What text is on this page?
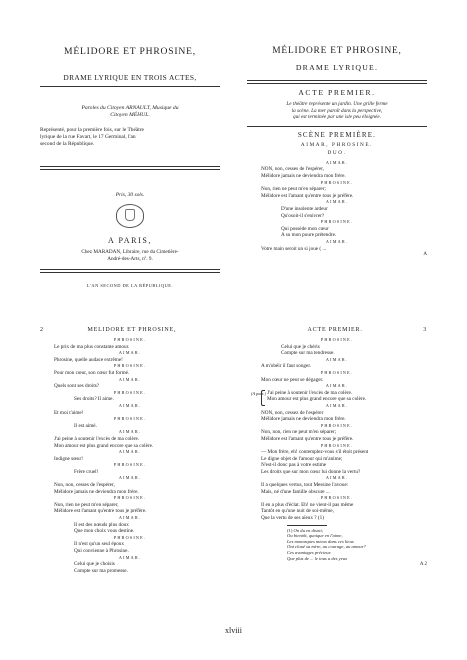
MÉLIDORE ET PHROSINE,
DRAME LYRIQUE EN TROIS ACTES,
Paroles du Citoyen ARNAULT, Musique du
Citoyen MÉHUL.
Représenté, pour la première fois, sur le Théâtre
lyrique de la rue Favart, le 17 Germinal, l'an
second de la République.
Prix, 30 sols.
A PARIS,
Chez MARADAN, Libraire, rue du Cimetière-
André-des-Arts, nº. 9.
L'AN SECOND DE LA RÉPUBLIQUE.
MÉLIDORE ET PHROSINE,
DRAME LYRIQUE.
ACTE PREMIER.
Le théâtre représente un jardin. Une grille ferme
la scène. La mer paroît dans la perspective,
qui est terminée par une isle peu éloignée.
SCÈNE PREMIÈRE.
AIMAR, PHROSINE.
DUO.
AIMAR.
NON, non, cesses de l'espérer,
Mélidore jamais ne deviendra mon frère.
PHROSINE.
Non, rien ne peut m'en séparer;
Mélidore est l'amant qu'entre tous je préfère.
AIMAR.
D'une insolente ardeur
Qu'osoit-il s'enivrer?
PHROSINE.
Qui possède mon cœur
A su mon poure prétendre.
AIMAR.
Votre main seroit un si joue ( ...
A
2	MÉLIDORE ET PHROSINE,
PHROSINE.
Le prix de ma plus constante amour.
AIMAR.
Phrosine, quelle audace extrême!
PHROSINE.
Pour mon cœur, son cœur fut formé.
AIMAR.
Quels sont ses droits?
PHROSINE.
Ses droits? Il aime.
AIMAR.
Et moi t'aime!
PHROSINE.
Il est aimé.
AIMAR.
J'ai peine à soutenir l'excès de ma colère.
Mon amour est plus grand encore que sa colère.
AIMAR.
Indigne sœur!
PHROSINE.
Frère cruel!
AIMAR.
Non, non, cesses de l'espérer,
Mélidore jamais ne deviendra mon frère.
PHROSINE.
Non, rien ne peut m'en séparer,
Mélidore est l'amant qu'entre tous je préfère.
AIMAR.
Il est des nœuds plus doux
Que mon choix vous destine.
PHROSINE.
Il n'est qu'un seul époux
Qui convienne à Phrosine.
AIMAR.
Celui que je choisis
Compte sur ma promesse.
ACTE PREMIER.	3
PHROSINE.
Celui que je chéris
Compte sur ma tendresse.
AIMAR.
A m'obéir il faut songer.
PHROSINE.
Mon cœur ne peut se dégager.
AIMAR.
(A part.) J'ai peine à soutenir l'excès de ma colère.
Mon amour est plus grand encore que sa colère.
AIMAR.
NON, non, cessez de l'espérer
Mélidore jamais ne deviendra mon frère.
PHROSINE.
Non, non, rien ne peut m'en séparer;
Mélidore est l'amant qu'entre tous je préfère.
PHROSINE.
— Mon frère, eh! contemplez-vous s'il étoit présent
Le digne objet de l'amour qui m'anime;
N'est-il donc pas à votre estime
Les droits que sur mon cœur lui donne la vertu?
AIMAR.
Il a quelques vertus, tout Messine l'avoue:
Mais, né d'une famille obscure ...
PHROSINE.
Il en a plus d'éclat. Eh! ne vient-il pas même
Tantôt en qu'une nuit de soi-même,
Que la vertu de ses aïeux ? (1)
(1) On du en disoit;
Ou bientôt, quoique en l'aime,
Les monarques mieux dans ces lieux
Ont cloué sa mère, au courage, au amour?
Ces avantages précieux
Que plus de ... le tous a des yeux
A 2
xlviii
